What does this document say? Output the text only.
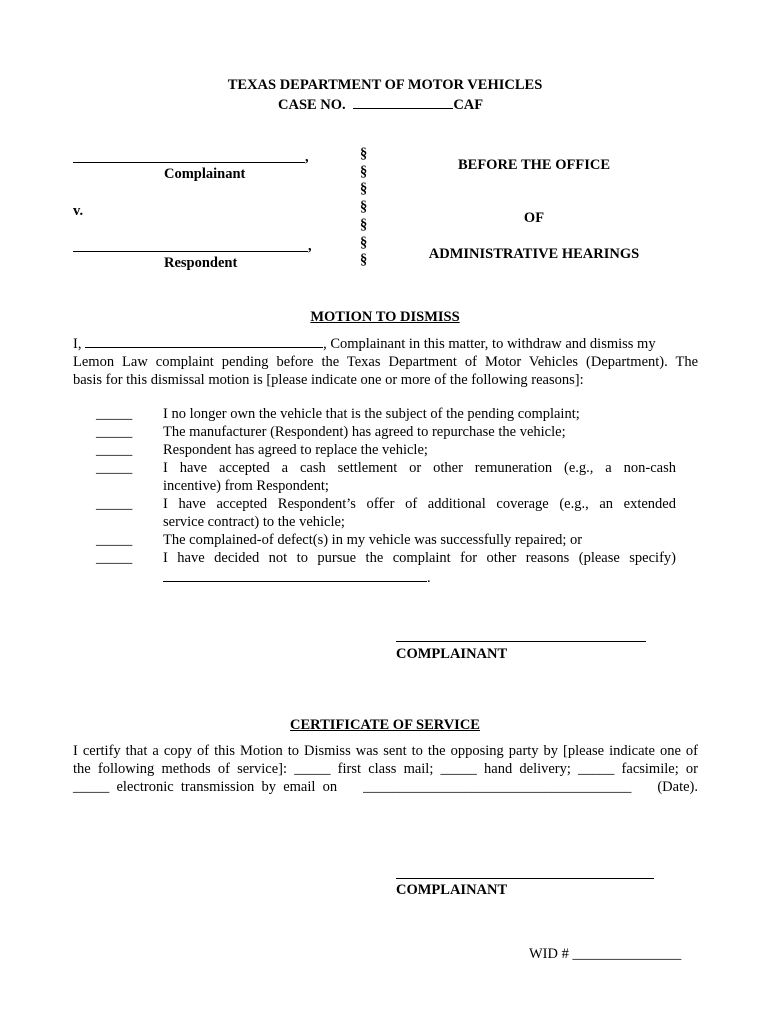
TEXAS DEPARTMENT OF MOTOR VEHICLES
CASE NO.	CAF
,
Complainant
v.
,
Respondent
§
§
§
§
§
§
§
BEFORE THE OFFICE
OF
ADMINISTRATIVE HEARINGS
MOTION TO DISMISS
I,	, Complainant in this matter, to withdraw and dismiss my
Lemon Law complaint pending before the Texas Department of Motor Vehicles (Department). The
basis for this dismissal motion is [please indicate one or more of the following reasons]:
_____	I no longer own the vehicle that is the subject of the pending complaint;
_____	The manufacturer (Respondent) has agreed to repurchase the vehicle;
_____	Respondent has agreed to replace the vehicle;
_____	I have accepted a cash settlement or other remuneration (e.g., a non-cash
incentive) from Respondent;
_____	I have accepted Respondent’s offer of additional coverage (e.g., an extended
service contract) to the vehicle;
_____	The complained-of defect(s) in my vehicle was successfully repaired; or
_____	I have decided not to pursue the complaint for other reasons (please specify)
.
COMPLAINANT
CERTIFICATE OF SERVICE
I certify that a copy of this Motion to Dismiss was sent to the opposing party by [please indicate one of
the following methods of service]: _____ first class mail; _____ hand delivery; _____ facsimile; or
_____  electronic  transmission  by  email  on _____________________________________ (Date).
COMPLAINANT
WID # _______________
